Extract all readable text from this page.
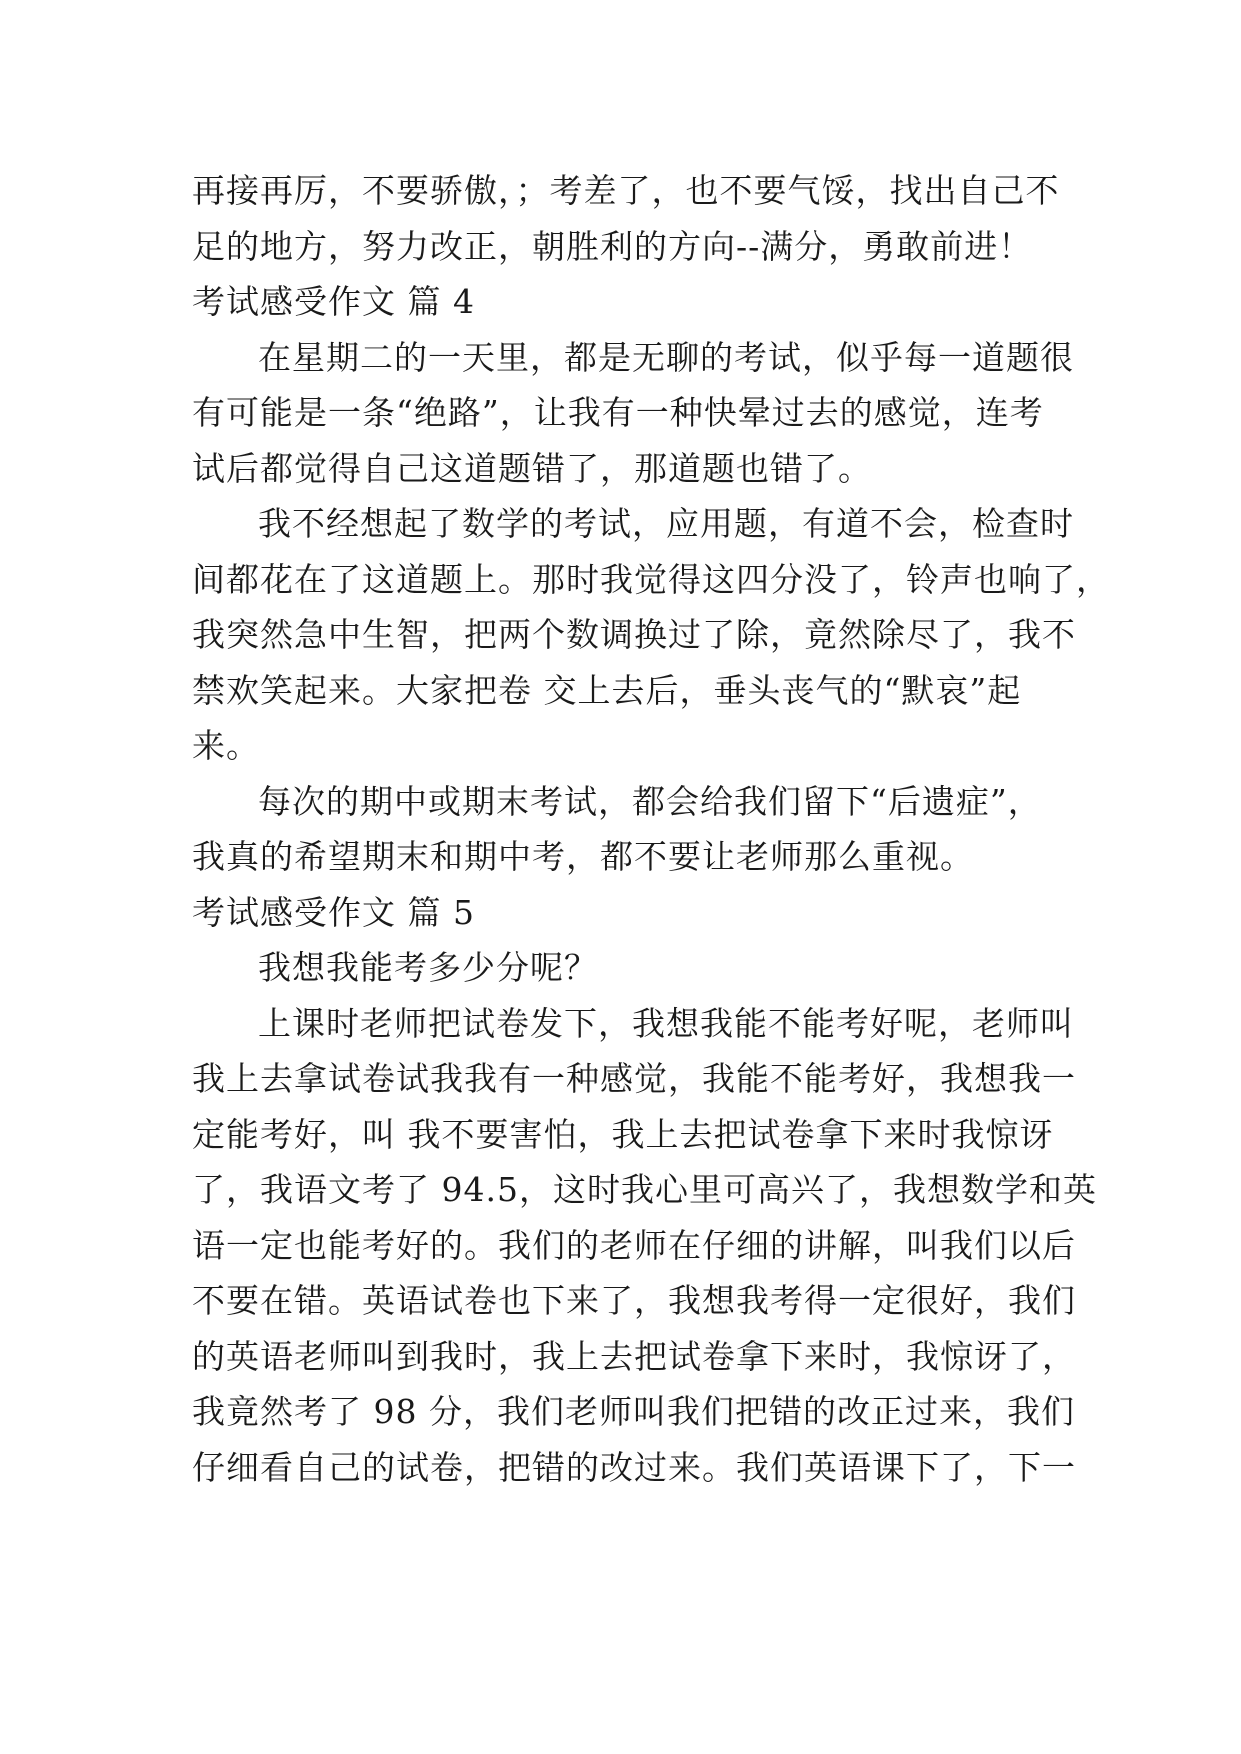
再接再厉，不要骄傲，；考差了，也不要气馁，找出自己不
足的地方，努力改正，朝胜利的方向--满分，勇敢前进！
考试感受作文 篇 4
在星期二的一天里，都是无聊的考试，似乎每一道题很
有可能是一条“绝路”，让我有一种快晕过去的感觉，连考
试后都觉得自己这道题错了，那道题也错了。
我不经想起了数学的考试，应用题，有道不会，检查时
间都花在了这道题上。那时我觉得这四分没了，铃声也响了，
我突然急中生智，把两个数调换过了除，竟然除尽了，我不
禁欢笑起来。大家把卷 交上去后，垂头丧气的“默哀”起
来。
每次的期中或期末考试，都会给我们留下“后遗症”，
我真的希望期末和期中考，都不要让老师那么重视。
考试感受作文 篇 5
我想我能考多少分呢？
上课时老师把试卷发下，我想我能不能考好呢，老师叫
我上去拿试卷试我我有一种感觉，我能不能考好，我想我一
定能考好，叫 我不要害怕，我上去把试卷拿下来时我惊讶
了，我语文考了 94.5，这时我心里可高兴了，我想数学和英
语一定也能考好的。我们的老师在仔细的讲解，叫我们以后
不要在错。英语试卷也下来了，我想我考得一定很好，我们
的英语老师叫到我时，我上去把试卷拿下来时，我惊讶了，
我竟然考了 98 分，我们老师叫我们把错的改正过来，我们
仔细看自己的试卷，把错的改过来。我们英语课下了，下一
